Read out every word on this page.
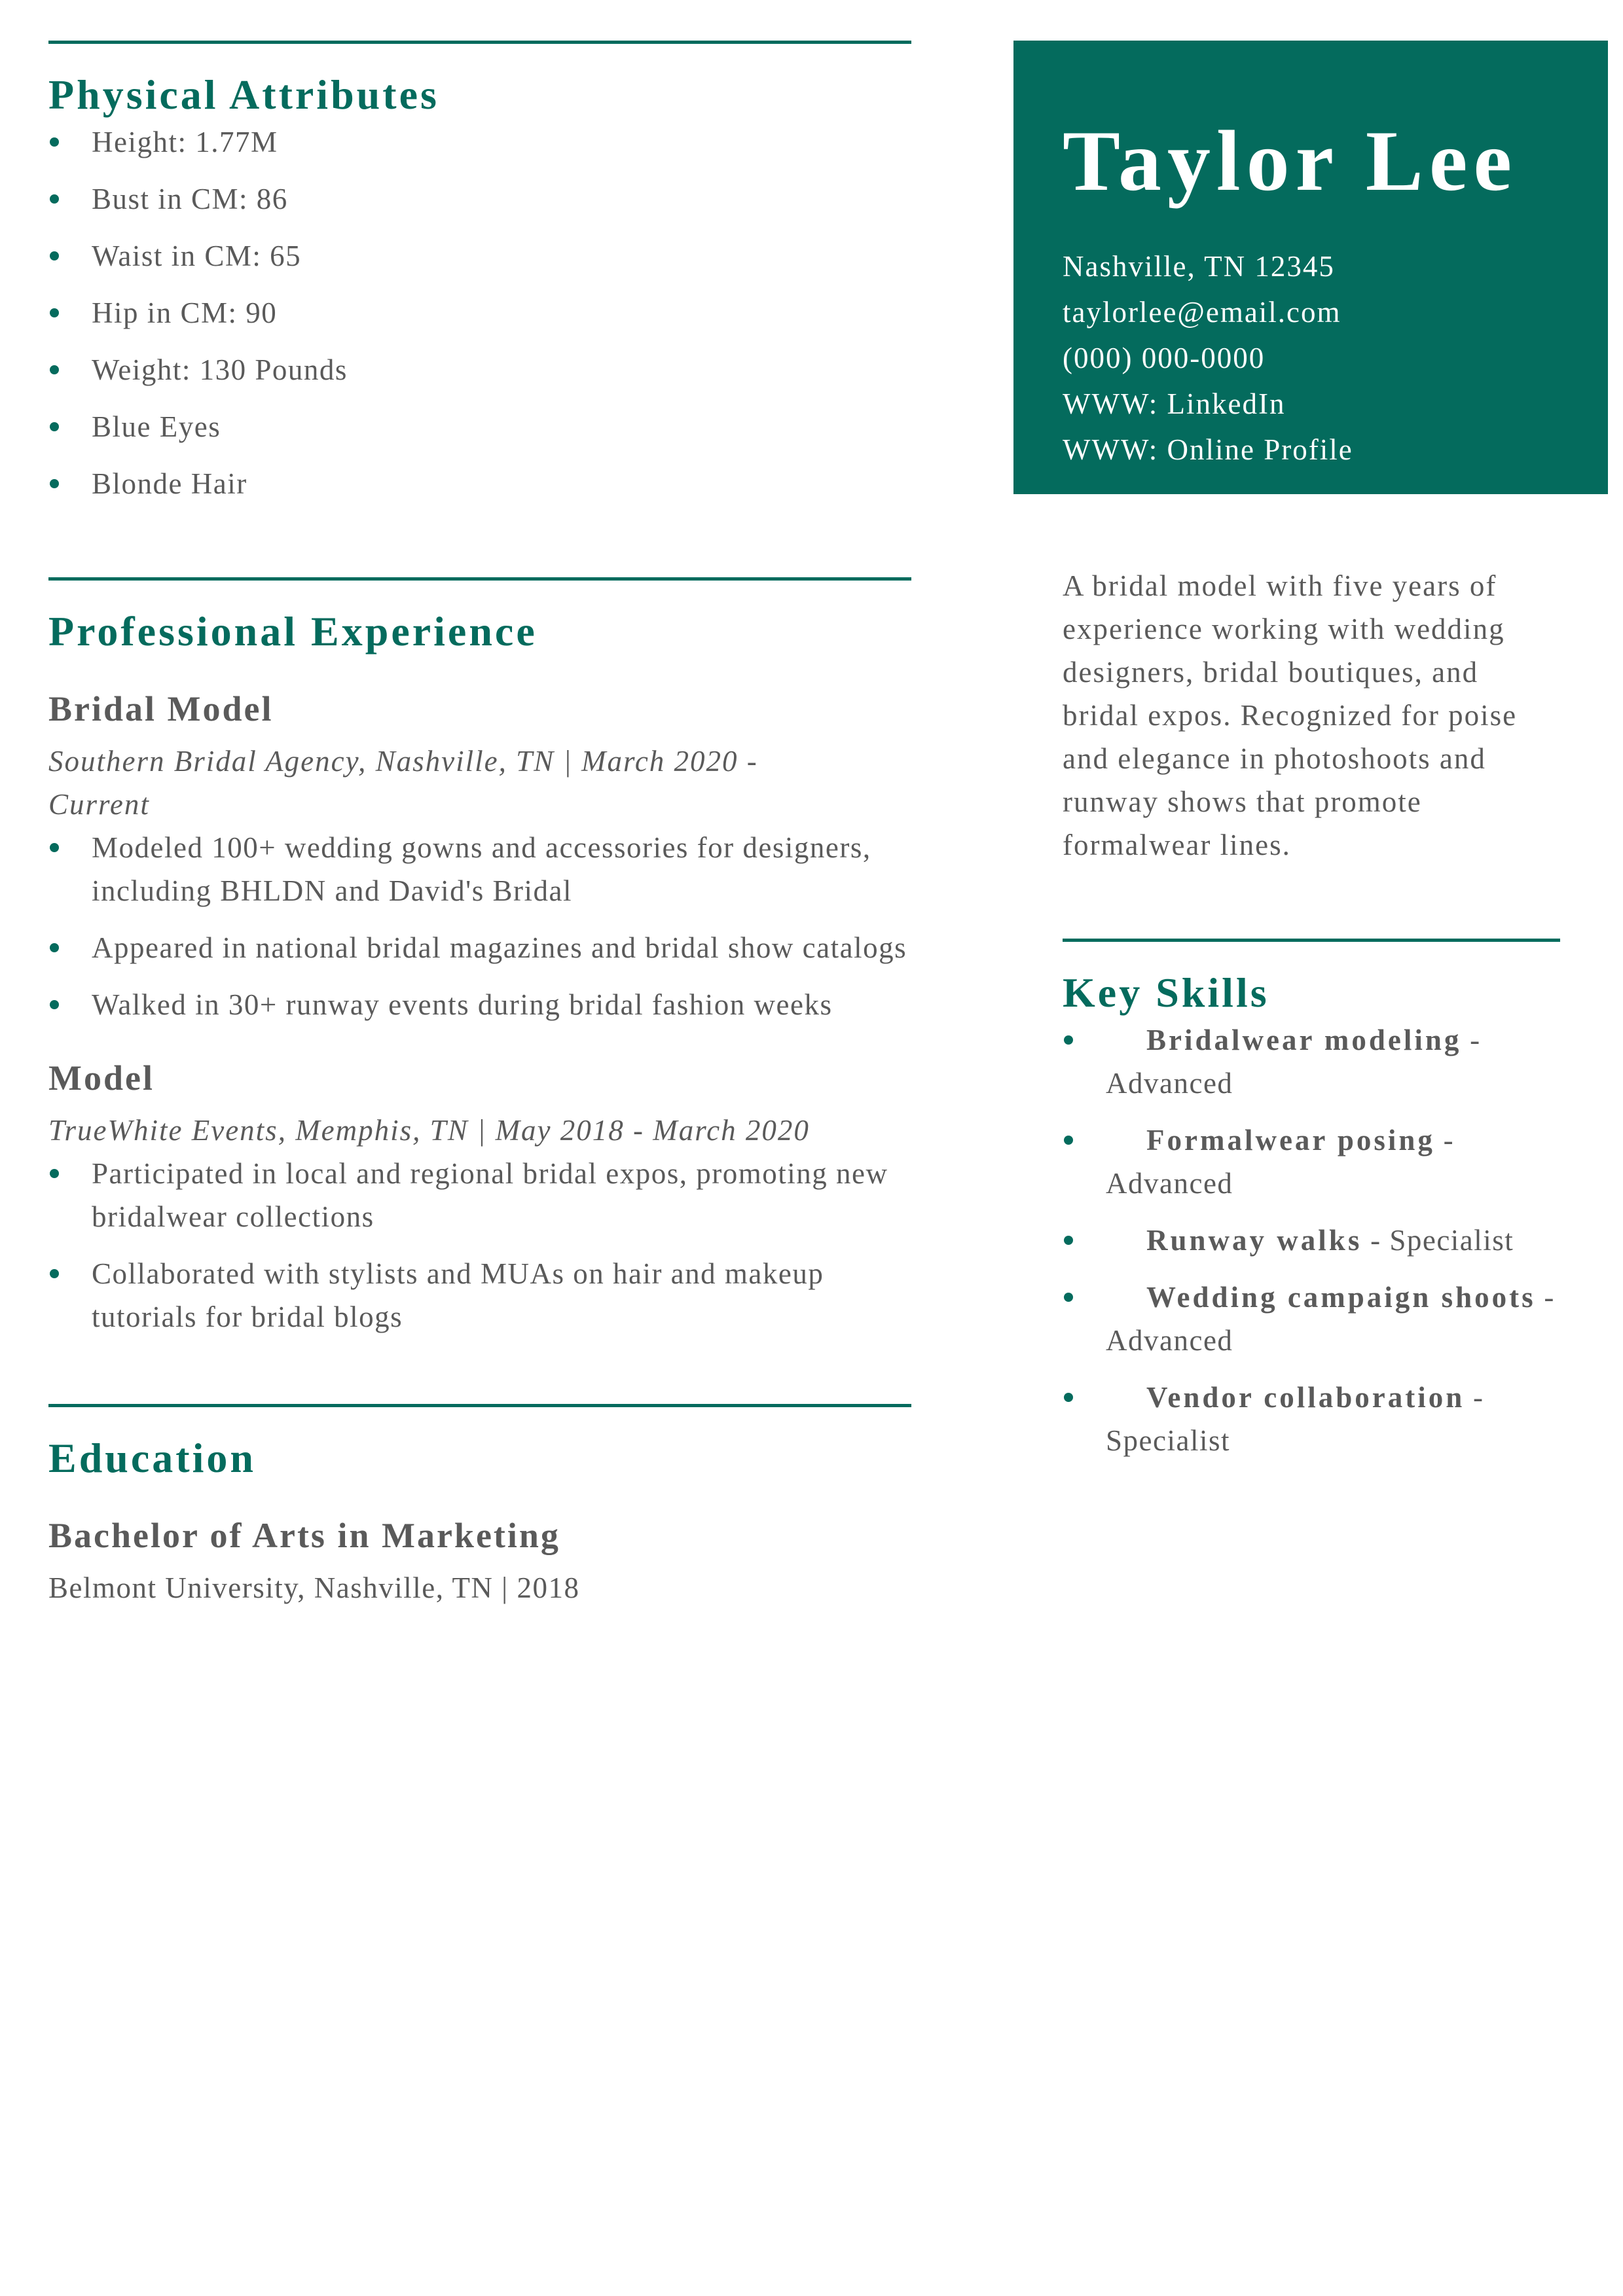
Physical Attributes
Height: 1.77M
Bust in CM: 86
Waist in CM: 65
Hip in CM: 90
Weight: 130 Pounds
Blue Eyes
Blonde Hair
Professional Experience
Bridal Model

Southern Bridal Agency, Nashville, TN | March 2020 -
Current

Modeled 100+ wedding gowns and accessories for designers, including BHLDN and David's Bridal
Appeared in national bridal magazines and bridal show catalogs
Walked in 30+ runway events during bridal fashion weeks
Model

TrueWhite Events, Memphis, TN | May 2018 - March 2020

Participated in local and regional bridal expos, promoting new bridalwear collections
Collaborated with stylists and MUAs on hair and makeup tutorials for bridal blogs
Education
Bachelor of Arts in Marketing

Belmont University, Nashville, TN | 2018

Taylor Lee
Nashville, TN 12345
taylorlee@email.com
(000) 000-0000
WWW: LinkedIn
WWW: Online Profile

A bridal model with five years of experience working with wedding designers, bridal boutiques, and bridal expos. Recognized for poise and elegance in photoshoots and runway shows that promote formalwear lines.

Key Skills
Bridalwear modeling - Advanced
Formalwear posing - Advanced
Runway walks - Specialist
Wedding campaign shoots - Advanced
Vendor collaboration - Specialist
